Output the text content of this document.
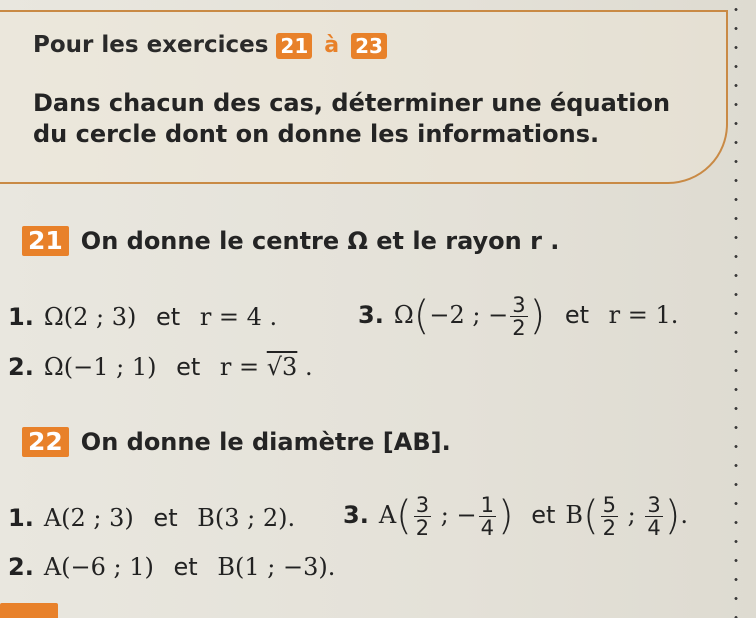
Pour les exercices 21 à 23
Dans chacun des cas, déterminer une équation du cercle dont on donne les informations.
21 On donne le centre Ω et le rayon r .
1. Ω(2 ; 3) et r = 4 .
2. Ω(−1 ; 1) et r = √3 .
3. Ω(−2 ; − $\frac{3}{2}$ ) et r = 1.
22 On donne le diamètre [AB].
1. A(2 ; 3) et B(3 ; 2).
2. A(−6 ; 1) et B(1 ; −3).
3. $A( \frac{3}{2}$ ; − $\frac{1}{4}$ ) et $B( \frac{5}{2}$ ; $\frac{3}{4}$ ).
